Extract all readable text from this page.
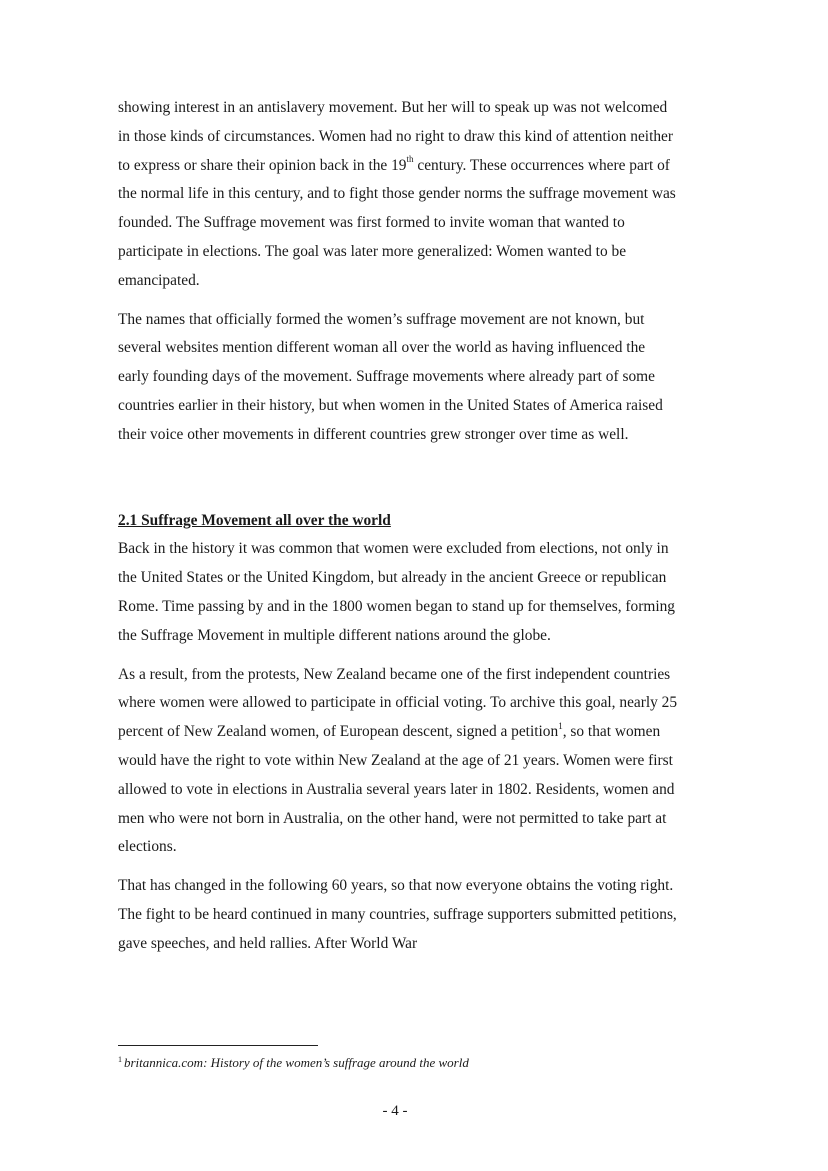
showing interest in an antislavery movement. But her will to speak up was not welcomed in those kinds of circumstances. Women had no right to draw this kind of attention neither to express or share their opinion back in the 19th century. These occurrences where part of the normal life in this century, and to fight those gender norms the suffrage movement was founded. The Suffrage movement was first formed to invite woman that wanted to participate in elections. The goal was later more generalized: Women wanted to be emancipated.

The names that officially formed the women’s suffrage movement are not known, but several websites mention different woman all over the world as having influenced the early founding days of the movement. Suffrage movements where already part of some countries earlier in their history, but when women in the United States of America raised their voice other movements in different countries grew stronger over time as well.

2.1 Suffrage Movement all over the world

Back in the history it was common that women were excluded from elections, not only in the United States or the United Kingdom, but already in the ancient Greece or republican Rome. Time passing by and in the 1800 women began to stand up for themselves, forming the Suffrage Movement in multiple different nations around the globe.

As a result, from the protests, New Zealand became one of the first independent countries where women were allowed to participate in official voting. To archive this goal, nearly 25 percent of New Zealand women, of European descent, signed a petition$^1$, so that women would have the right to vote within New Zealand at the age of 21 years. Women were first allowed to vote in elections in Australia several years later in 1802. Residents, women and men who were not born in Australia, on the other hand, were not permitted to take part at elections.

That has changed in the following 60 years, so that now everyone obtains the voting right. The fight to be heard continued in many countries, suffrage supporters submitted petitions, gave speeches, and held rallies. After World War

$^1$ britannica.com: History of the women’s suffrage around the world
- 4 -
